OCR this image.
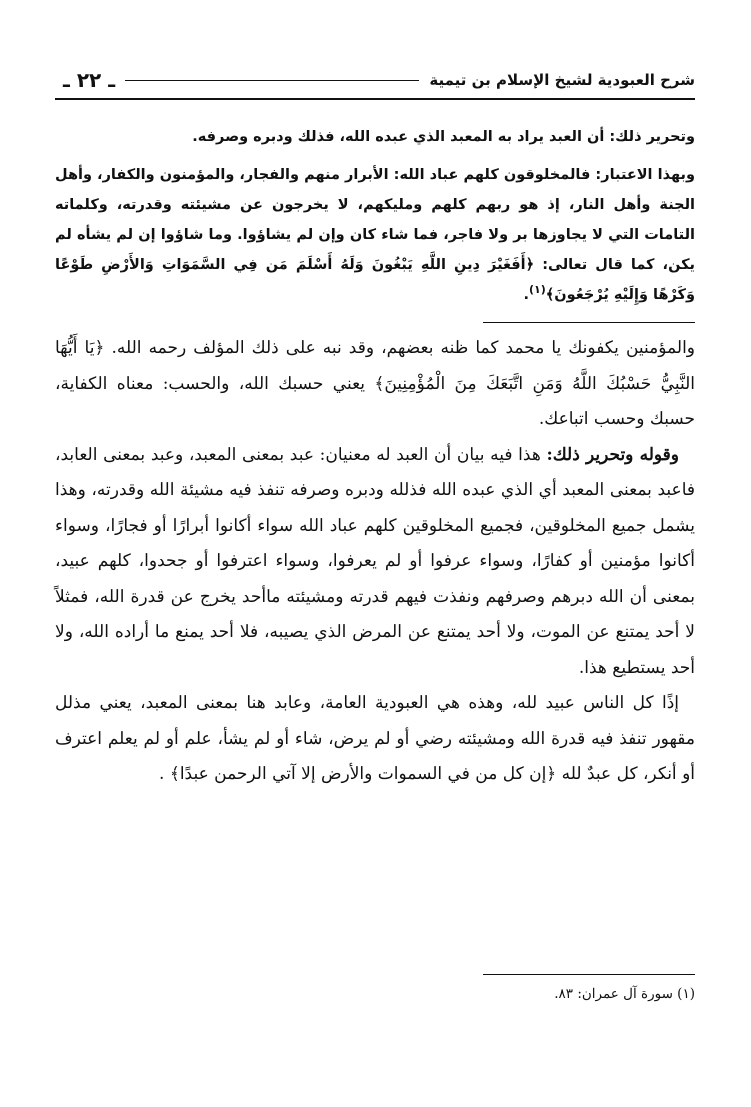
شرح العبودية لشيخ الإسلام بن تيمية
ـ ٢٢ ـ

وتحرير ذلك: أن العبد يراد به المعبد الذي عبده الله، فذلك ودبره وصرفه.

وبهذا الاعتبار: فالمخلوقون كلهم عباد الله: الأبرار منهم والفجار، والمؤمنون والكفار، وأهل الجنة وأهل النار، إذ هو ربهم كلهم ومليكهم، لا يخرجون عن مشيئته وقدرته، وكلماته التامات التي لا يجاوزها بر ولا فاجر، فما شاء كان وإن لم يشاؤوا. وما شاؤوا إن لم يشأه لم يكن، كما قال تعالى: ﴿أَفَغَيْرَ دِينِ اللَّهِ يَبْغُونَ وَلَهُ أَسْلَمَ مَن فِي السَّمَوَاتِ وَالأَرْضِ طَوْعًا وَكَرْهًا وَإِلَيْهِ يُرْجَعُونَ﴾$^{(١)}$.

والمؤمنين يكفونك يا محمد كما ظنه بعضهم، وقد نبه على ذلك المؤلف رحمه الله. ﴿يَا أَيُّهَا النَّبِيُّ حَسْبُكَ اللَّهُ وَمَنِ اتَّبَعَكَ مِنَ الْمُؤْمِنِينَ﴾ يعني حسبك الله، والحسب: معناه الكفاية، حسبك وحسب اتباعك.

وقوله وتحرير ذلك: هذا فيه بيان أن العبد له معنيان: عبد بمعنى المعبد، وعبد بمعنى العابد، فاعبد بمعنى المعبد أي الذي عبده الله فذلله ودبره وصرفه تنفذ فيه مشيئة الله وقدرته، وهذا يشمل جميع المخلوقين، فجميع المخلوقين كلهم عباد الله سواء أكانوا أبرارًا أو فجارًا، وسواء أكانوا مؤمنين أو كفارًا، وسواء عرفوا أو لم يعرفوا، وسواء اعترفوا أو جحدوا، كلهم عبيد، بمعنى أن الله دبرهم وصرفهم ونفذت فيهم قدرته ومشيئته ماأحد يخرج عن قدرة الله، فمثلاً لا أحد يمتنع عن الموت، ولا أحد يمتنع عن المرض الذي يصيبه، فلا أحد يمنع ما أراده الله، ولا أحد يستطيع هذا.

إذًا كل الناس عبيد لله، وهذه هي العبودية العامة، وعابد هنا بمعنى المعبد، يعني مذلل مقهور تنفذ فيه قدرة الله ومشيئته رضي أو لم يرض، شاء أو لم يشأ، علم أو لم يعلم اعترف أو أنكر، كل عبدٌ لله ﴿إن كل من في السموات والأرض إلا آتي الرحمن عبدًا﴾ .

(١) سورة آل عمران: ٨٣.
